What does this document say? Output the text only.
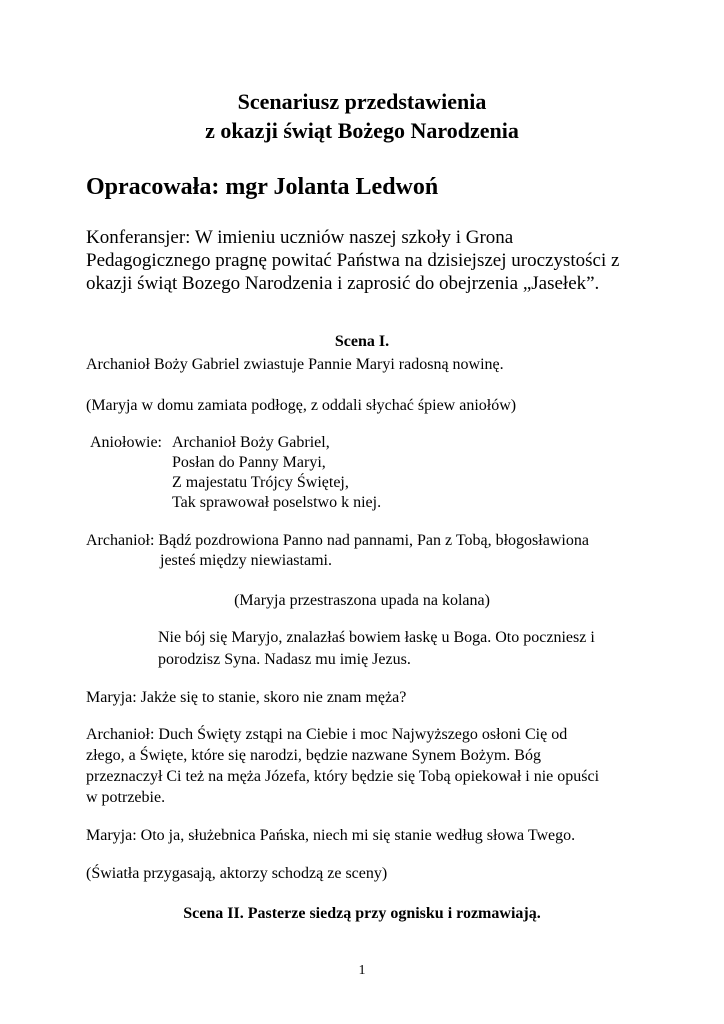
Scenariusz przedstawienia
z okazji świąt Bożego Narodzenia
Opracowała: mgr Jolanta Ledwoń
Konferansjer: W imieniu uczniów naszej szkoły i Grona
Pedagogicznego pragnę powitać Państwa na dzisiejszej uroczystości z
okazji świąt Bozego Narodzenia i zaprosić do obejrzenia „Jasełek”.
Scena I.
Archanioł Boży Gabriel zwiastuje Pannie Maryi radosną nowinę.
(Maryja w domu zamiata podłogę, z oddali słychać śpiew aniołów)
Aniołowie: Archanioł Boży Gabriel,
Posłan do Panny Maryi,
Z majestatu Trójcy Świętej,
Tak sprawował poselstwo k niej.
Archanioł: Bądź pozdrowiona Panno nad pannami, Pan z Tobą, błogosławiona
jesteś między niewiastami.
(Maryja przestraszona upada na kolana)
Nie bój się Maryjo, znalazłaś bowiem łaskę u Boga. Oto poczniesz i
porodzisz Syna. Nadasz mu imię Jezus.
Maryja: Jakże się to stanie, skoro nie znam męża?
Archanioł: Duch Święty zstąpi na Ciebie i moc Najwyższego osłoni Cię od
złego, a Święte, które się narodzi, będzie nazwane Synem Bożym. Bóg
przeznaczył Ci też na męża Józefa, który będzie się Tobą opiekował i nie opuści
w potrzebie.
Maryja: Oto ja, służebnica Pańska, niech mi się stanie według słowa Twego.
(Światła przygasają, aktorzy schodzą ze sceny)
Scena II. Pasterze siedzą przy ognisku i rozmawiają.
1
